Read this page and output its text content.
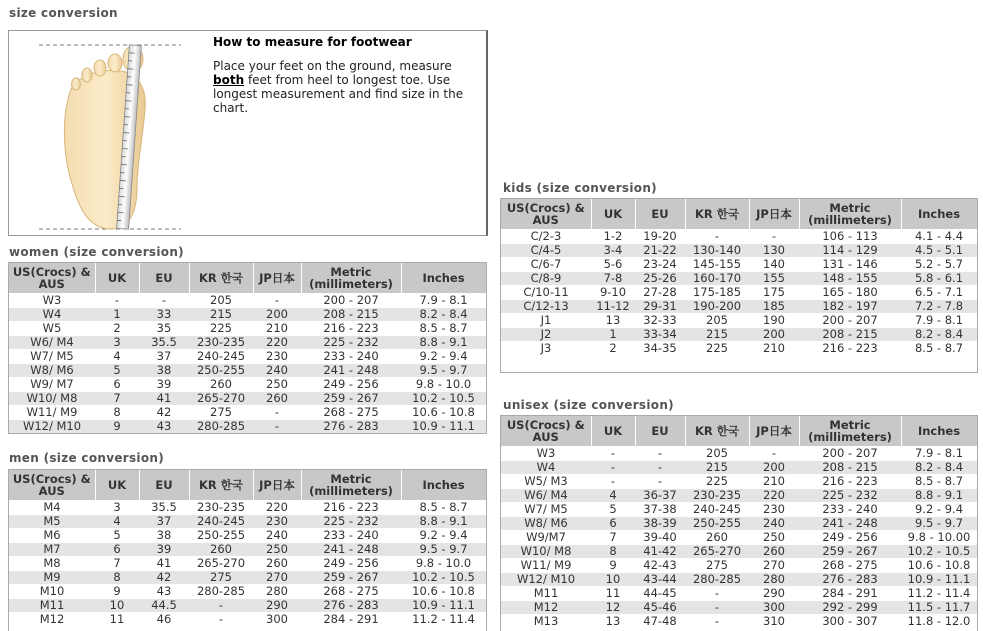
size conversion

How to measure for footwear

Place your feet on the ground, measure both feet from heel to longest toe. Use longest measurement and find size in the chart.

women (size conversion)
US(Crocs) & AUS	UK	EU	KR 한국	JP日本	Metric (millimeters)	Inches
W3	-	-	205	-	200 - 207	7.9 - 8.1
W4	1	33	215	200	208 - 215	8.2 - 8.4
W5	2	35	225	210	216 - 223	8.5 - 8.7
W6/ M4	3	35.5	230-235	220	225 - 232	8.8 - 9.1
W7/ M5	4	37	240-245	230	233 - 240	9.2 - 9.4
W8/ M6	5	38	250-255	240	241 - 248	9.5 - 9.7
W9/ M7	6	39	260	250	249 - 256	9.8 - 10.0
W10/ M8	7	41	265-270	260	259 - 267	10.2 - 10.5
W11/ M9	8	42	275	-	268 - 275	10.6 - 10.8
W12/ M10	9	43	280-285	-	276 - 283	10.9 - 11.1
men (size conversion)
US(Crocs) & AUS	UK	EU	KR 한국	JP日本	Metric (millimeters)	Inches
M4	3	35.5	230-235	220	216 - 223	8.5 - 8.7
M5	4	37	240-245	230	225 - 232	8.8 - 9.1
M6	5	38	250-255	240	233 - 240	9.2 - 9.4
M7	6	39	260	250	241 - 248	9.5 - 9.7
M8	7	41	265-270	260	249 - 256	9.8 - 10.0
M9	8	42	275	270	259 - 267	10.2 - 10.5
M10	9	43	280-285	280	268 - 275	10.6 - 10.8
M11	10	44.5	-	290	276 - 283	10.9 - 11.1
M12	11	46	-	300	284 - 291	11.2 - 11.4
kids (size conversion)
US(Crocs) & AUS	UK	EU	KR 한국	JP日本	Metric (millimeters)	Inches
C/2-3	1-2	19-20	-	-	106 - 113	4.1 - 4.4
C/4-5	3-4	21-22	130-140	130	114 - 129	4.5 - 5.1
C/6-7	5-6	23-24	145-155	140	131 - 146	5.2 - 5.7
C/8-9	7-8	25-26	160-170	155	148 - 155	5.8 - 6.1
C/10-11	9-10	27-28	175-185	175	165 - 180	6.5 - 7.1
C/12-13	11-12	29-31	190-200	185	182 - 197	7.2 - 7.8
J1	13	32-33	205	190	200 - 207	7.9 - 8.1
J2	1	33-34	215	200	208 - 215	8.2 - 8.4
J3	2	34-35	225	210	216 - 223	8.5 - 8.7
unisex (size conversion)
US(Crocs) & AUS	UK	EU	KR 한국	JP日本	Metric (millimeters)	Inches
W3	-	-	205	-	200 - 207	7.9 - 8.1
W4	-	-	215	200	208 - 215	8.2 - 8.4
W5/ M3	-	-	225	210	216 - 223	8.5 - 8.7
W6/ M4	4	36-37	230-235	220	225 - 232	8.8 - 9.1
W7/ M5	5	37-38	240-245	230	233 - 240	9.2 - 9.4
W8/ M6	6	38-39	250-255	240	241 - 248	9.5 - 9.7
W9/M7	7	39-40	260	250	249 - 256	9.8 - 10.00
W10/ M8	8	41-42	265-270	260	259 - 267	10.2 - 10.5
W11/ M9	9	42-43	275	270	268 - 275	10.6 - 10.8
W12/ M10	10	43-44	280-285	280	276 - 283	10.9 - 11.1
M11	11	44-45	-	290	284 - 291	11.2 - 11.4
M12	12	45-46	-	300	292 - 299	11.5 - 11.7
M13	13	47-48	-	310	300 - 307	11.8 - 12.0
